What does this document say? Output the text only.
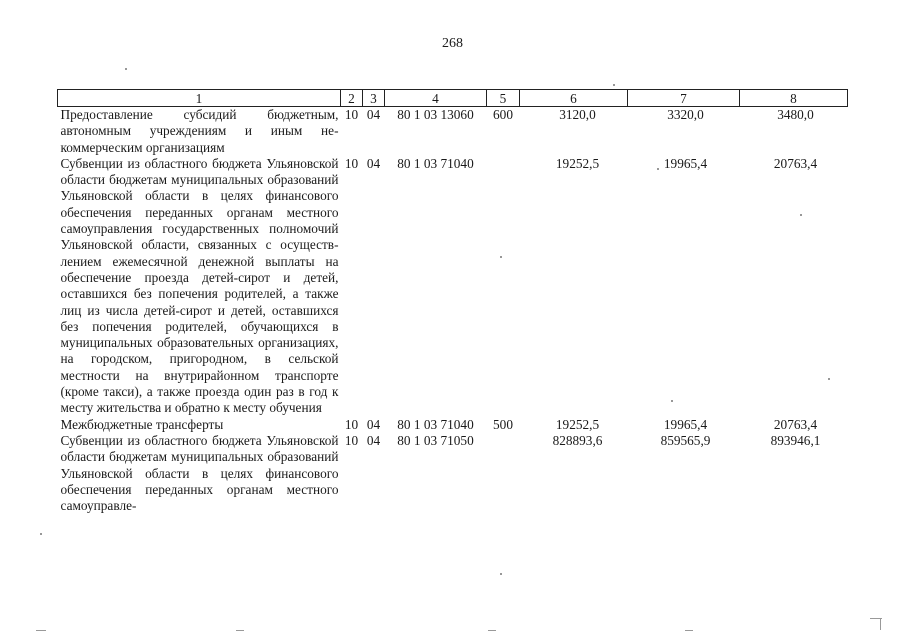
268
1	2	3	4	5	6	7	8
Предоставление субсидий бюджетным, автономным учреждениям и иным некоммерческим организациям	10	04	80 1 03 13060	600	3120,0	3320,0	3480,0
Субвенции из областного бюджета Ульяновской области бюджетам муниципальных образований Ульяновской области в целях финансового обеспечения переданных органам местного самоуправления государственных полномочий Ульяновской области, связанных с осуществлением ежемесячной денежной выплаты на обеспечение проезда детей-сирот и детей, оставшихся без попечения родителей, а также лиц из числа детей-сирот и детей, оставшихся без попечения родителей, обучающихся в муниципальных образовательных организациях, на городском, пригородном, в сельской местности на внутрирайонном транспорте (кроме такси), а также проезда один раз в год к месту жительства и обратно к месту обучения	10	04	80 1 03 71040		19252,5	19965,4	20763,4
Межбюджетные трансферты	10	04	80 1 03 71040	500	19252,5	19965,4	20763,4
Субвенции из областного бюджета Ульяновской области бюджетам муниципальных образований Ульяновской области в целях финансового обеспечения переданных органам местного самоуправле-	10	04	80 1 03 71050		828893,6	859565,9	893946,1
